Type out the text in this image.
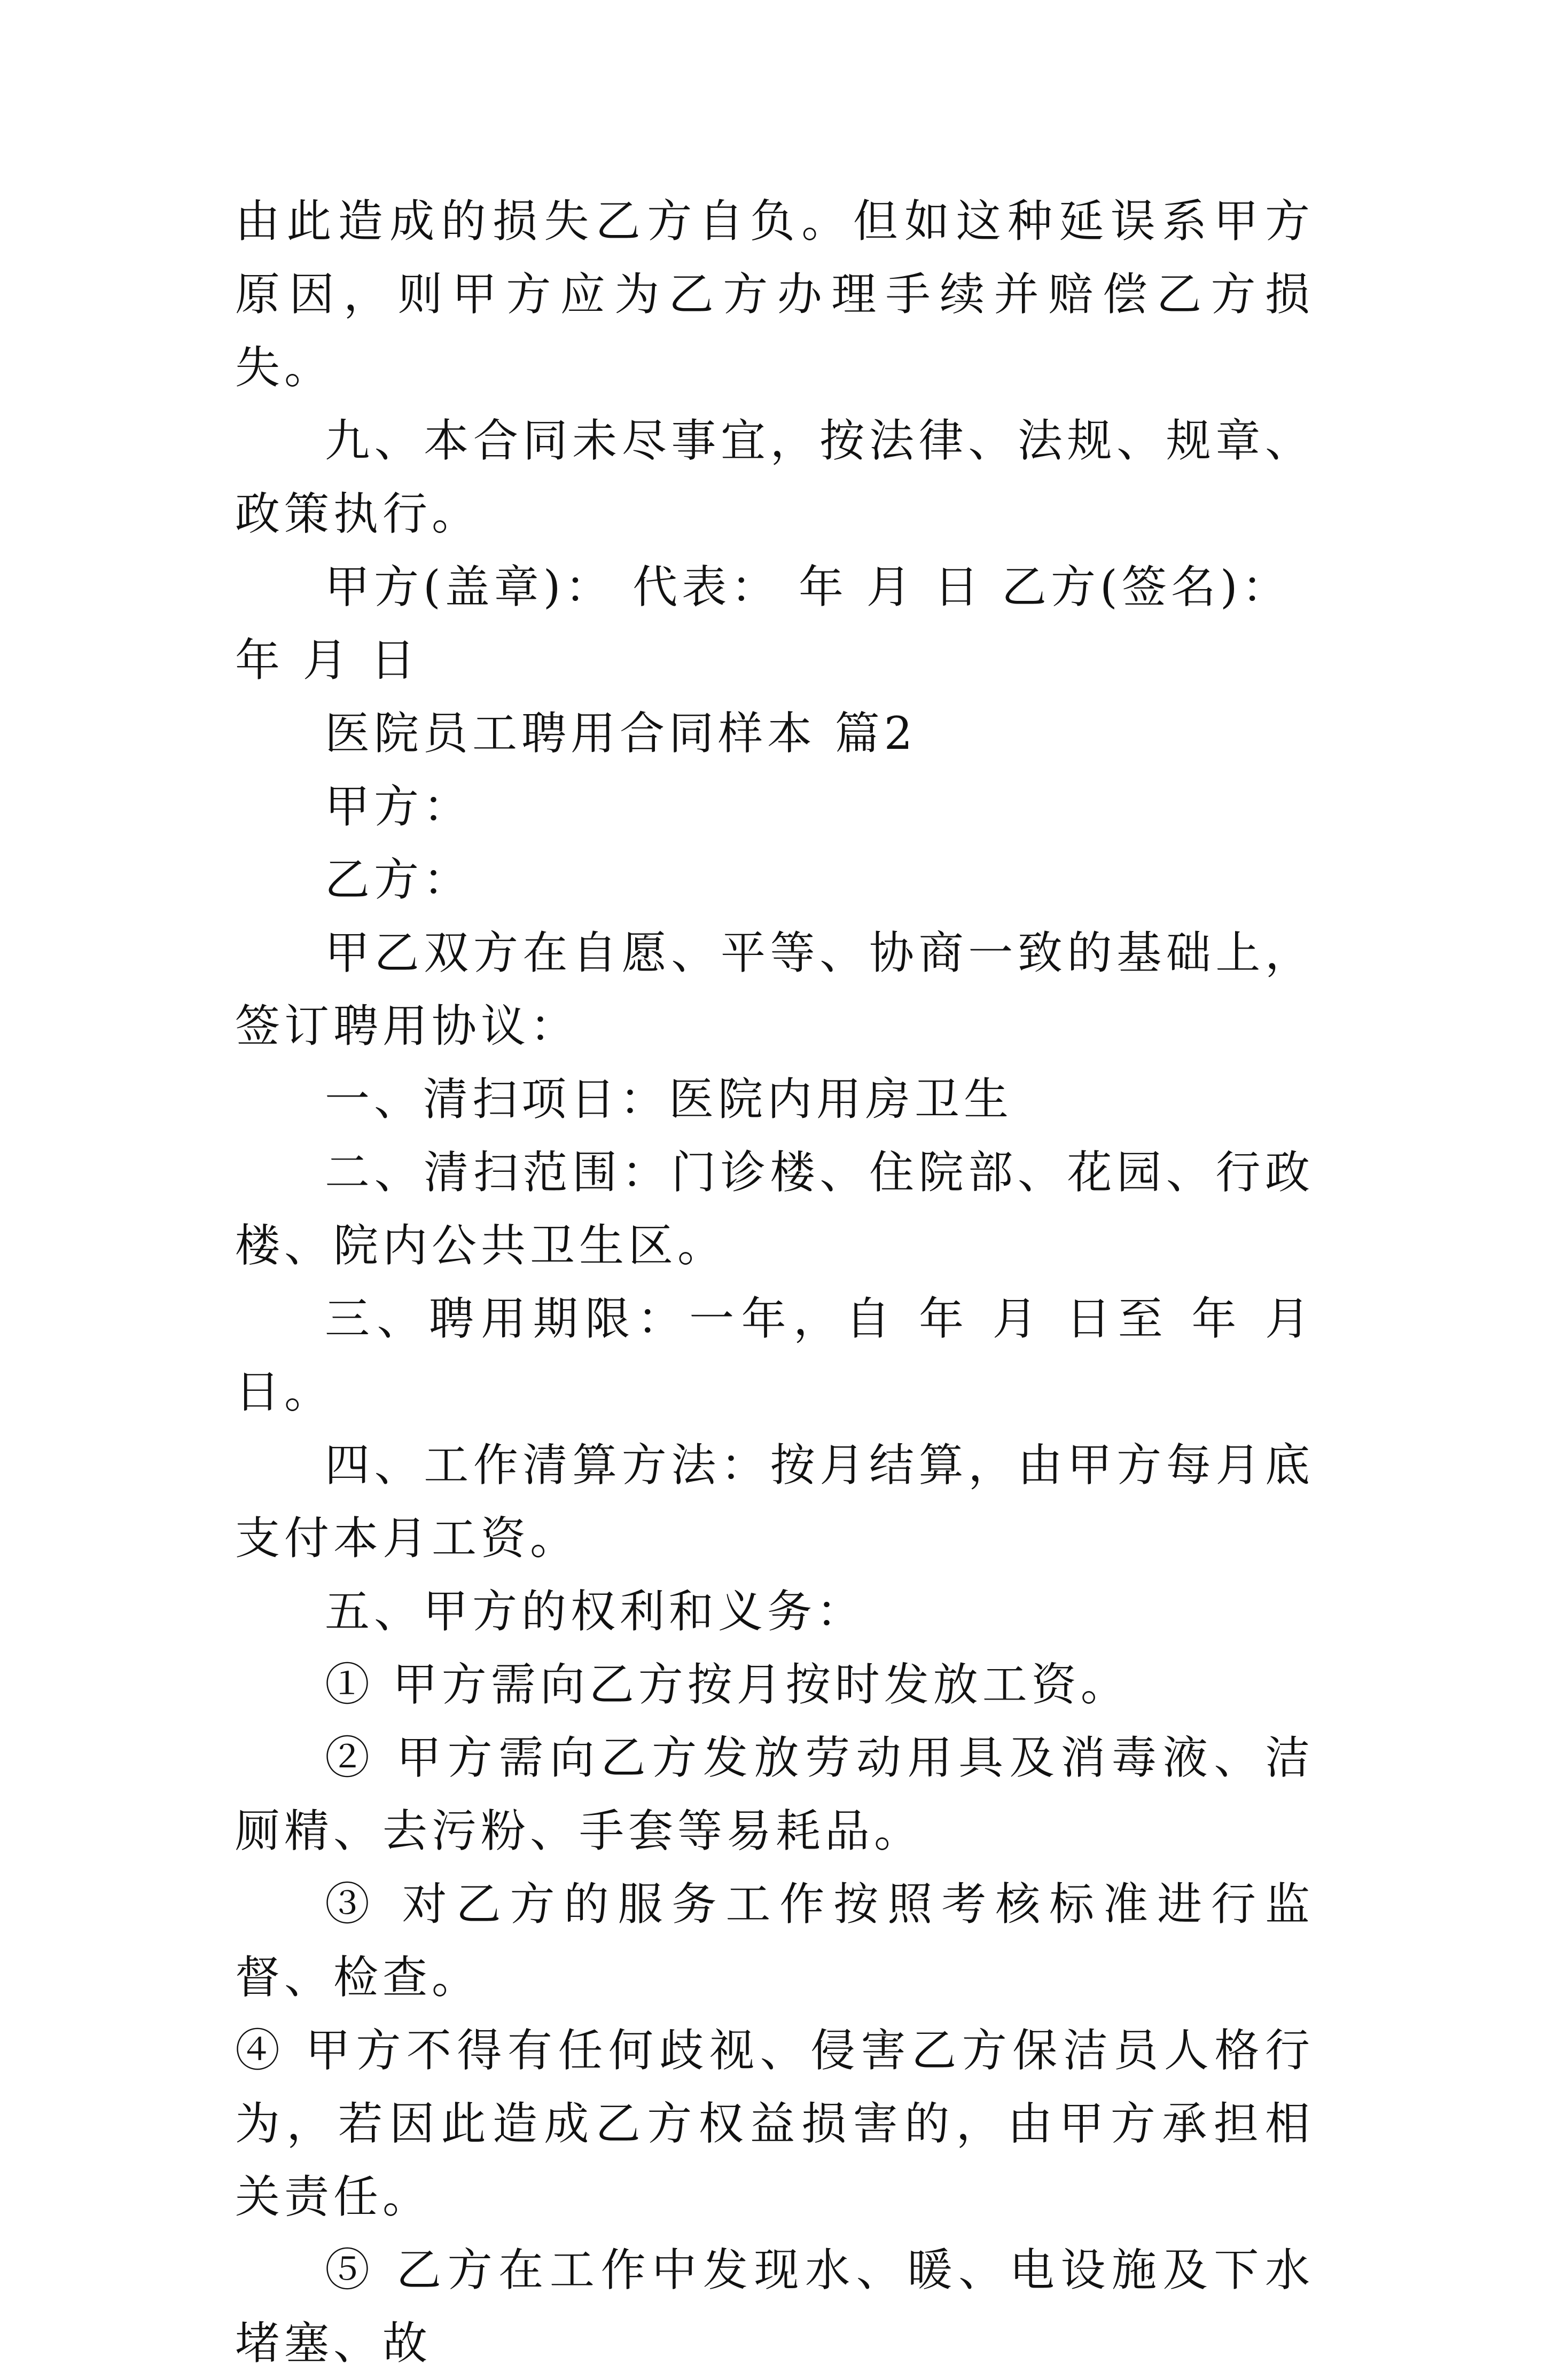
由此造成的损失乙方自负。但如这种延误系甲方原因，则甲方应为乙方办理手续并赔偿乙方损失。

九、本合同未尽事宜，按法律、法规、规章、政策执行。

甲方(盖章)： 代表： 年 月 日 乙方(签名)： 年 月 日

医院员工聘用合同样本 篇2

甲方：

乙方：

甲乙双方在自愿、平等、协商一致的基础上，签订聘用协议：

一、清扫项日：医院内用房卫生

二、清扫范围：门诊楼、住院部、花园、行政楼、院内公共卫生区。

三、聘用期限：一年，自 年 月 日至 年 月 日。

四、工作清算方法：按月结算，由甲方每月底支付本月工资。

五、甲方的权利和义务：

① 甲方需向乙方按月按时发放工资。

② 甲方需向乙方发放劳动用具及消毒液、洁厕精、去污粉、手套等易耗品。

③ 对乙方的服务工作按照考核标准进行监督、检查。

④ 甲方不得有任何歧视、侵害乙方保洁员人格行为，若因此造成乙方权益损害的，由甲方承担相关责任。

⑤ 乙方在工作中发现水、暖、电设施及下水堵塞、故
